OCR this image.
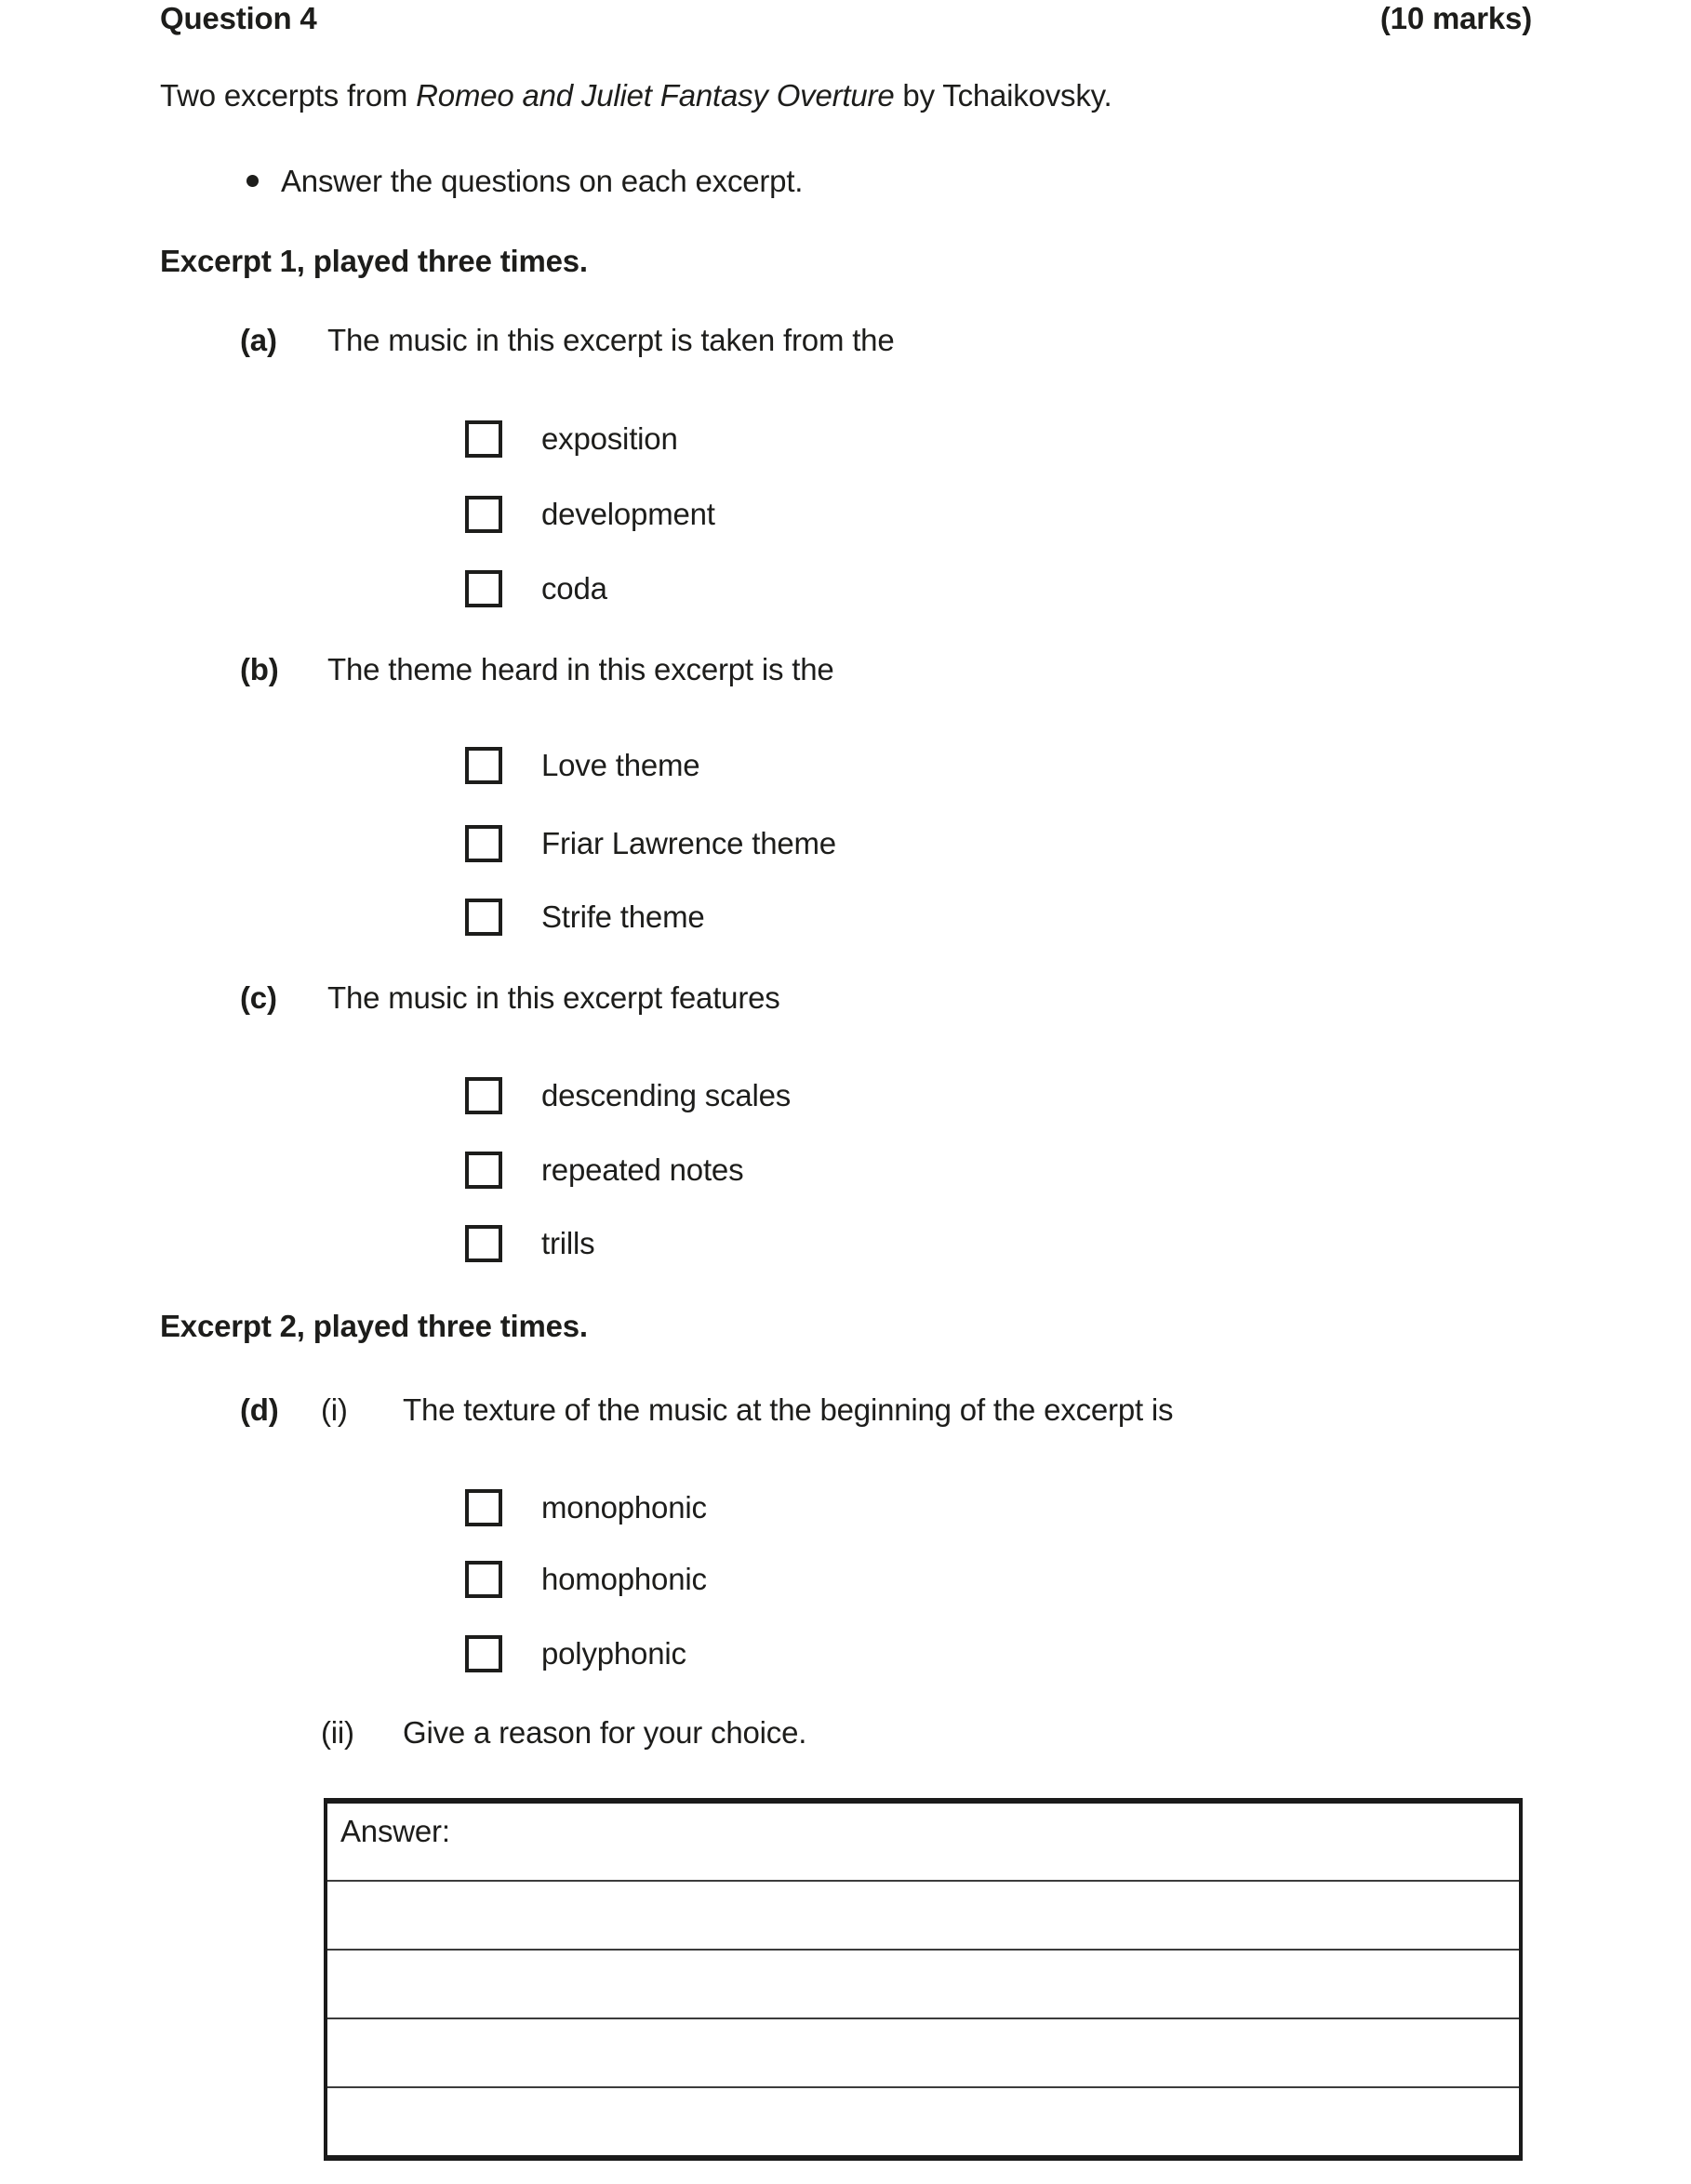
Question 4	(10 marks)
Two excerpts from Romeo and Juliet Fantasy Overture by Tchaikovsky.
Answer the questions on each excerpt.
Excerpt 1, played three times.
(a) The music in this excerpt is taken from the
exposition
development
coda
(b) The theme heard in this excerpt is the
Love theme
Friar Lawrence theme
Strife theme
(c) The music in this excerpt features
descending scales
repeated notes
trills
Excerpt 2, played three times.
(d) (i) The texture of the music at the beginning of the excerpt is
monophonic
homophonic
polyphonic
(ii) Give a reason for your choice.
Answer:
